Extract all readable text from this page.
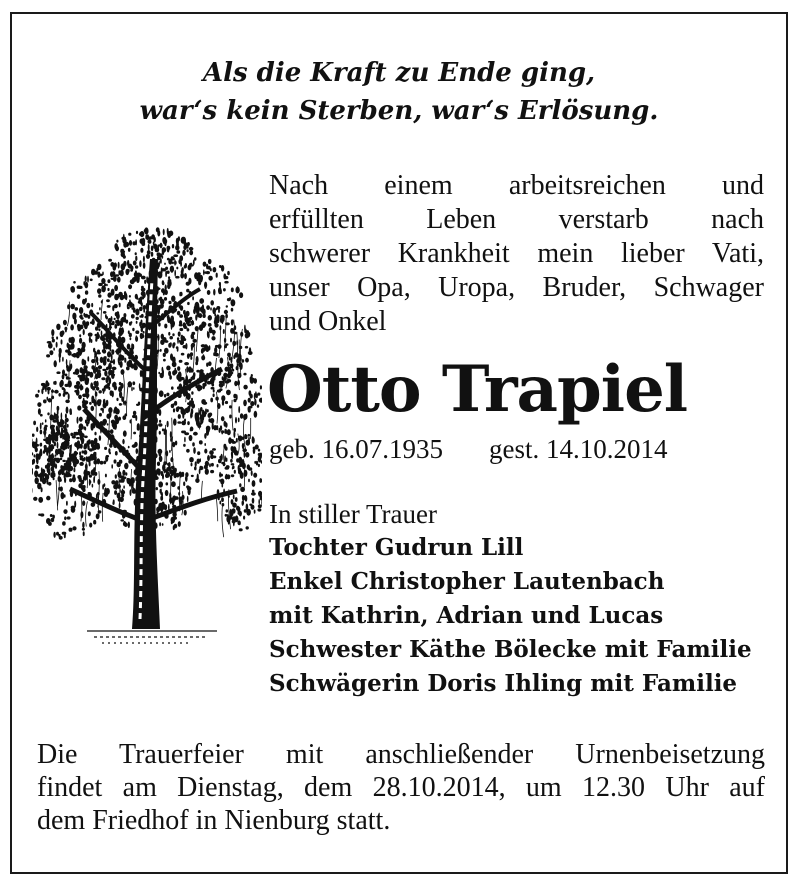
Als die Kraft zu Ende ging,
war‘s kein Sterben, war‘s Erlösung.
Nach einem arbeitsreichen und
erfüllten Leben verstarb nach
schwerer Krankheit mein lieber Vati,
unser Opa, Uropa, Bruder, Schwager
und Onkel
Otto Trapiel
geb. 16.07.1935 gest. 14.10.2014
In stiller Trauer
Tochter Gudrun Lill
Enkel Christopher Lautenbach
mit Kathrin, Adrian und Lucas
Schwester Käthe Bölecke mit Familie
Schwägerin Doris Ihling mit Familie
Die Trauerfeier mit anschließender Urnenbeisetzung
findet am Dienstag, dem 28.10.2014, um 12.30 Uhr auf
dem Friedhof in Nienburg statt.
